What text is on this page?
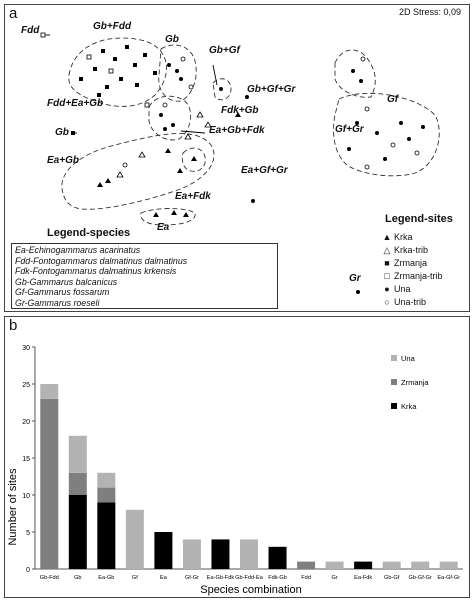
a	2D Stress: 0,09
Fdd	Gb+Fdd
Gb
Gb+Gf
Gb+Gf+Gr
Fdd+Ea+Gb
Fdk+Gb
Gb	Ea+Gb+Fdk
Ea+Gb
Ea+Gf+Gr
Ea+Fdk
Ea
Gf
Gf+Gr
Gr
Legend-species
Ea-Echinogammarus acarinatus
Fdd-Fontogammarus dalmatinus dalmatinus
Fdk-Fontogammarus dalmatinus krkensis
Gb-Gammarus balcanicus
Gf-Gammarus fossarum
Gr-Gammarus roeseli
Legend-sites
▲ Krka
△ Krka-trib
■ Zrmanja
□ Zrmanja-trib
● Una
○ Una-trib
b
0
5
10
15
20
25
30
Gb-Fdd	Gb	Ea-Gb	Gf	Ea	Gf-Gr Ea-Gb-Fdk Gb-Fdd-Ea Fdk-Gb	Fdd	Gr	Ea-Fdk Gb-Gf Gb-Gf-Gr Ea-Gf-Gr
Una
Zrmanja
Krka
Number of sites
Species combination
